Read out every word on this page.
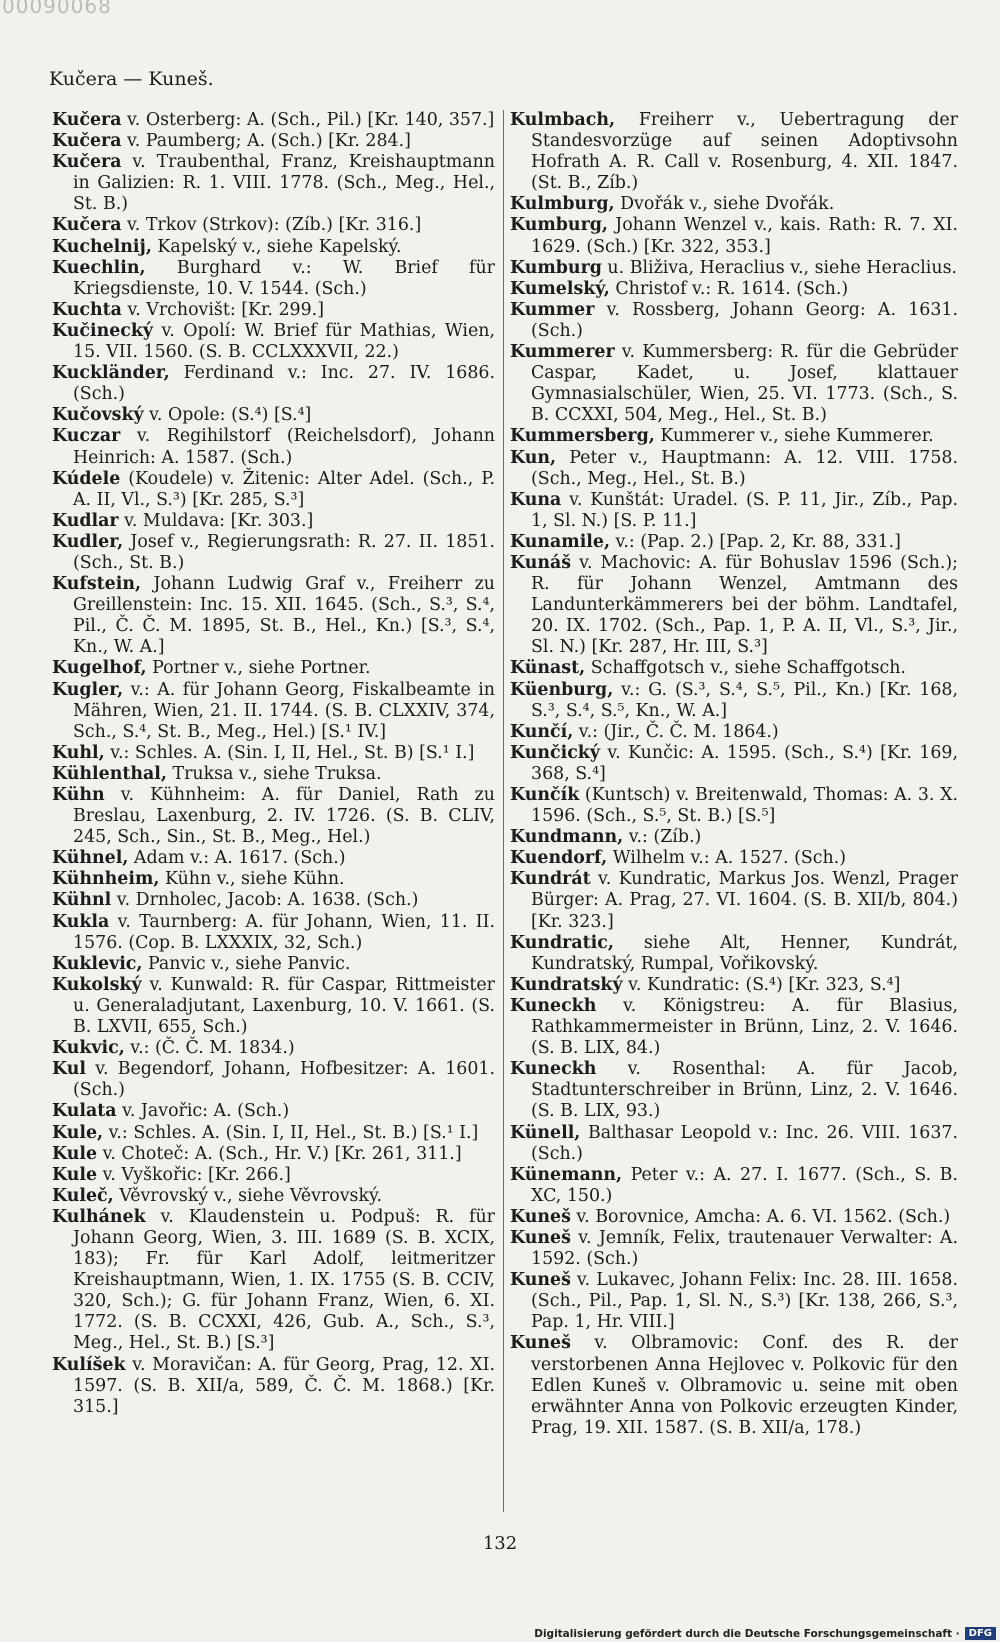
00090068
Kučera — Kuneš.

Kučera v. Osterberg: A. (Sch., Pil.) [Kr. 140, 357.]

Kučera v. Paumberg; A. (Sch.) [Kr. 284.]

Kučera v. Traubenthal, Franz, Kreishauptmann in Galizien: R. 1. VIII. 1778. (Sch., Meg., Hel., St. B.)

Kučera v. Trkov (Strkov): (Zíb.) [Kr. 316.]

Kuchelnij, Kapelský v., siehe Kapelský.

Kuechlin, Burghard v.: W. Brief für Kriegsdienste, 10. V. 1544. (Sch.)

Kuchta v. Vrchovišt: [Kr. 299.]

Kučinecký v. Opolí: W. Brief für Mathias, Wien, 15. VII. 1560. (S. B. CCLXXXVII, 22.)

Kuckländer, Ferdinand v.: Inc. 27. IV. 1686. (Sch.)

Kučovský v. Opole: (S.⁴) [S.⁴]

Kuczar v. Regihilstorf (Reichelsdorf), Johann Heinrich: A. 1587. (Sch.)

Kúdele (Koudele) v. Žitenic: Alter Adel. (Sch., P. A. II, Vl., S.³) [Kr. 285, S.³]

Kudlar v. Muldava: [Kr. 303.]

Kudler, Josef v., Regierungsrath: R. 27. II. 1851. (Sch., St. B.)

Kufstein, Johann Ludwig Graf v., Freiherr zu Greillenstein: Inc. 15. XII. 1645. (Sch., S.³, S.⁴, Pil., Č. Č. M. 1895, St. B., Hel., Kn.) [S.³, S.⁴, Kn., W. A.]

Kugelhof, Portner v., siehe Portner.

Kugler, v.: A. für Johann Georg, Fiskalbeamte in Mähren, Wien, 21. II. 1744. (S. B. CLXXIV, 374, Sch., S.⁴, St. B., Meg., Hel.) [S.¹ IV.]

Kuhl, v.: Schles. A. (Sin. I, II, Hel., St. B) [S.¹ I.]

Kühlenthal, Truksa v., siehe Truksa.

Kühn v. Kühnheim: A. für Daniel, Rath zu Breslau, Laxenburg, 2. IV. 1726. (S. B. CLIV, 245, Sch., Sin., St. B., Meg., Hel.)

Kühnel, Adam v.: A. 1617. (Sch.)

Kühnheim, Kühn v., siehe Kühn.

Kühnl v. Drnholec, Jacob: A. 1638. (Sch.)

Kukla v. Taurnberg: A. für Johann, Wien, 11. II. 1576. (Cop. B. LXXXIX, 32, Sch.)

Kuklevic, Panvic v., siehe Panvic.

Kukolský v. Kunwald: R. für Caspar, Rittmeister u. Generaladjutant, Laxenburg, 10. V. 1661. (S. B. LXVII, 655, Sch.)

Kukvic, v.: (Č. Č. M. 1834.)

Kul v. Begendorf, Johann, Hofbesitzer: A. 1601. (Sch.)

Kulata v. Javořic: A. (Sch.)

Kule, v.: Schles. A. (Sin. I, II, Hel., St. B.) [S.¹ I.]

Kule v. Choteč: A. (Sch., Hr. V.) [Kr. 261, 311.]

Kule v. Vyškořic: [Kr. 266.]

Kuleč, Věvrovský v., siehe Věvrovský.

Kulhánek v. Klaudenstein u. Podpuš: R. für Johann Georg, Wien, 3. III. 1689 (S. B. XCIX, 183); Fr. für Karl Adolf, leitmeritzer Kreishauptmann, Wien, 1. IX. 1755 (S. B. CCIV, 320, Sch.); G. für Johann Franz, Wien, 6. XI. 1772. (S. B. CCXXI, 426, Gub. A., Sch., S.³, Meg., Hel., St. B.) [S.³]

Kulíšek v. Moravičan: A. für Georg, Prag, 12. XI. 1597. (S. B. XII/a, 589, Č. Č. M. 1868.) [Kr. 315.]

Kulmbach, Freiherr v., Uebertragung der Standesvorzüge auf seinen Adoptivsohn Hofrath A. R. Call v. Rosenburg, 4. XII. 1847. (St. B., Zíb.)

Kulmburg, Dvořák v., siehe Dvořák.

Kumburg, Johann Wenzel v., kais. Rath: R. 7. XI. 1629. (Sch.) [Kr. 322, 353.]

Kumburg u. Bliživa, Heraclius v., siehe Heraclius.

Kumelský, Christof v.: R. 1614. (Sch.)

Kummer v. Rossberg, Johann Georg: A. 1631. (Sch.)

Kummerer v. Kummersberg: R. für die Gebrüder Caspar, Kadet, u. Josef, klattauer Gymnasialschüler, Wien, 25. VI. 1773. (Sch., S. B. CCXXI, 504, Meg., Hel., St. B.)

Kummersberg, Kummerer v., siehe Kummerer.

Kun, Peter v., Hauptmann: A. 12. VIII. 1758. (Sch., Meg., Hel., St. B.)

Kuna v. Kunštát: Uradel. (S. P. 11, Jir., Zíb., Pap. 1, Sl. N.) [S. P. 11.]

Kunamile, v.: (Pap. 2.) [Pap. 2, Kr. 88, 331.]

Kunáš v. Machovic: A. für Bohuslav 1596 (Sch.); R. für Johann Wenzel, Amtmann des Landunterkämmerers bei der böhm. Landtafel, 20. IX. 1702. (Sch., Pap. 1, P. A. II, Vl., S.³, Jir., Sl. N.) [Kr. 287, Hr. III, S.³]

Künast, Schaffgotsch v., siehe Schaffgotsch.

Küenburg, v.: G. (S.³, S.⁴, S.⁵, Pil., Kn.) [Kr. 168, S.³, S.⁴, S.⁵, Kn., W. A.]

Kunčí, v.: (Jir., Č. Č. M. 1864.)

Kunčický v. Kunčic: A. 1595. (Sch., S.⁴) [Kr. 169, 368, S.⁴]

Kunčík (Kuntsch) v. Breitenwald, Thomas: A. 3. X. 1596. (Sch., S.⁵, St. B.) [S.⁵]

Kundmann, v.: (Zíb.)

Kuendorf, Wilhelm v.: A. 1527. (Sch.)

Kundrát v. Kundratic, Markus Jos. Wenzl, Prager Bürger: A. Prag, 27. VI. 1604. (S. B. XII/b, 804.) [Kr. 323.]

Kundratic, siehe Alt, Henner, Kundrát, Kundratský, Rumpal, Vořikovský.

Kundratský v. Kundratic: (S.⁴) [Kr. 323, S.⁴]

Kuneckh v. Königstreu: A. für Blasius, Rathkammermeister in Brünn, Linz, 2. V. 1646. (S. B. LIX, 84.)

Kuneckh v. Rosenthal: A. für Jacob, Stadtunterschreiber in Brünn, Linz, 2. V. 1646. (S. B. LIX, 93.)

Künell, Balthasar Leopold v.: Inc. 26. VIII. 1637. (Sch.)

Künemann, Peter v.: A. 27. I. 1677. (Sch., S. B. XC, 150.)

Kuneš v. Borovnice, Amcha: A. 6. VI. 1562. (Sch.)

Kuneš v. Jemník, Felix, trautenauer Verwalter: A. 1592. (Sch.)

Kuneš v. Lukavec, Johann Felix: Inc. 28. III. 1658. (Sch., Pil., Pap. 1, Sl. N., S.³) [Kr. 138, 266, S.³, Pap. 1, Hr. VIII.]

Kuneš v. Olbramovic: Conf. des R. der verstorbenen Anna Hejlovec v. Polkovic für den Edlen Kuneš v. Olbramovic u. seine mit oben erwähnter Anna von Polkovic erzeugten Kinder, Prag, 19. XII. 1587. (S. B. XII/a, 178.)

132
Digitalisierung gefördert durch die Deutsche Forschungsgemeinschaft · DFG
